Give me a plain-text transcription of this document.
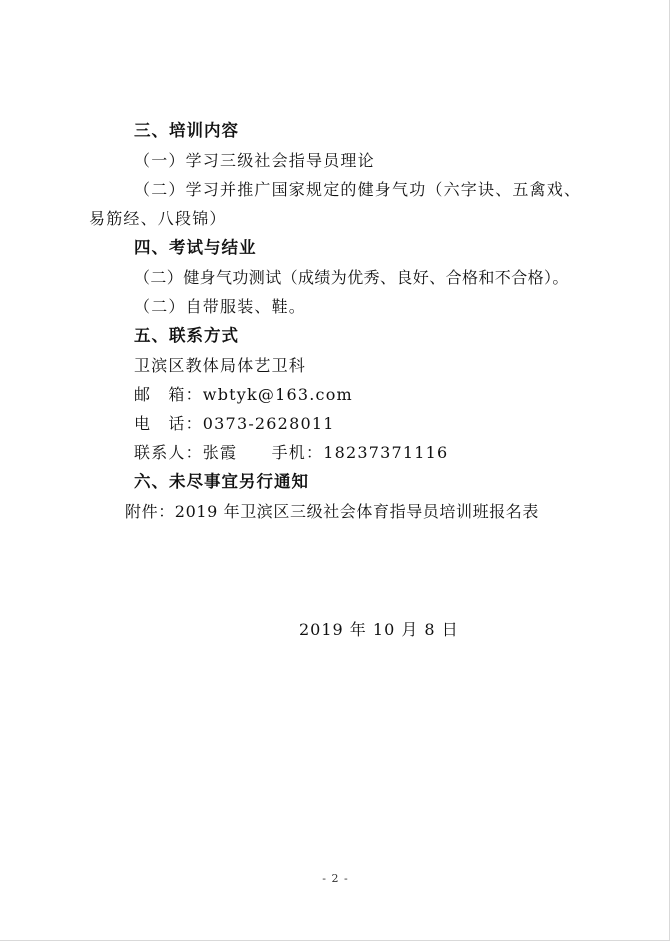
三、培训内容
（一）学习三级社会指导员理论
（二）学习并推广国家规定的健身气功（六字诀、五禽戏、
易筋经、八段锦）
四、考试与结业
（二）健身气功测试（成绩为优秀、良好、合格和不合格）。
（二）自带服装、鞋。
五、联系方式
卫滨区教体局体艺卫科
邮　箱：wbtyk@163.com
电　话：0373-2628011
联系人：张霞　　手机：18237371116
六、未尽事宜另行通知
附件：2019 年卫滨区三级社会体育指导员培训班报名表
2019 年 10 月 8 日
- 2 -
